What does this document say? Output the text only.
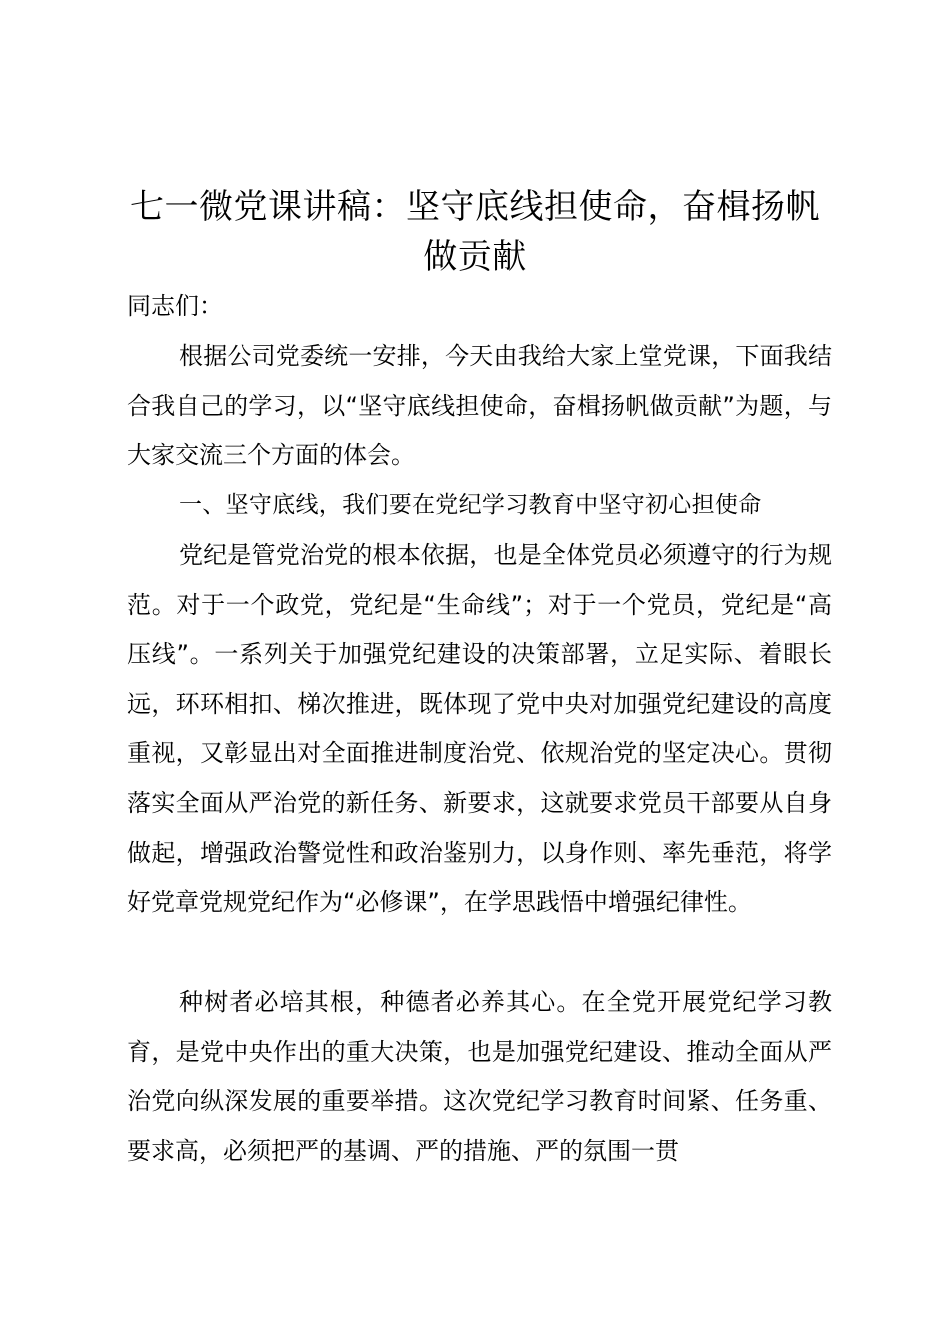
七一微党课讲稿：坚守底线担使命，奋楫扬帆
做贡献

同志们：

根据公司党委统一安排，今天由我给大家上堂党课，下面我结合我自己的学习，以“坚守底线担使命，奋楫扬帆做贡献”为题，与大家交流三个方面的体会。

一、坚守底线，我们要在党纪学习教育中坚守初心担使命

党纪是管党治党的根本依据，也是全体党员必须遵守的行为规范。对于一个政党，党纪是“生命线”；对于一个党员，党纪是“高压线”。一系列关于加强党纪建设的决策部署，立足实际、着眼长远，环环相扣、梯次推进，既体现了党中央对加强党纪建设的高度重视，又彰显出对全面推进制度治党、依规治党的坚定决心。贯彻落实全面从严治党的新任务、新要求，这就要求党员干部要从自身做起，增强政治警觉性和政治鉴别力，以身作则、率先垂范，将学好党章党规党纪作为“必修课”，在学思践悟中增强纪律性。

种树者必培其根，种德者必养其心。在全党开展党纪学习教育，是党中央作出的重大决策，也是加强党纪建设、推动全面从严治党向纵深发展的重要举措。这次党纪学习教育时间紧、任务重、要求高，必须把严的基调、严的措施、严的氛围一贯
